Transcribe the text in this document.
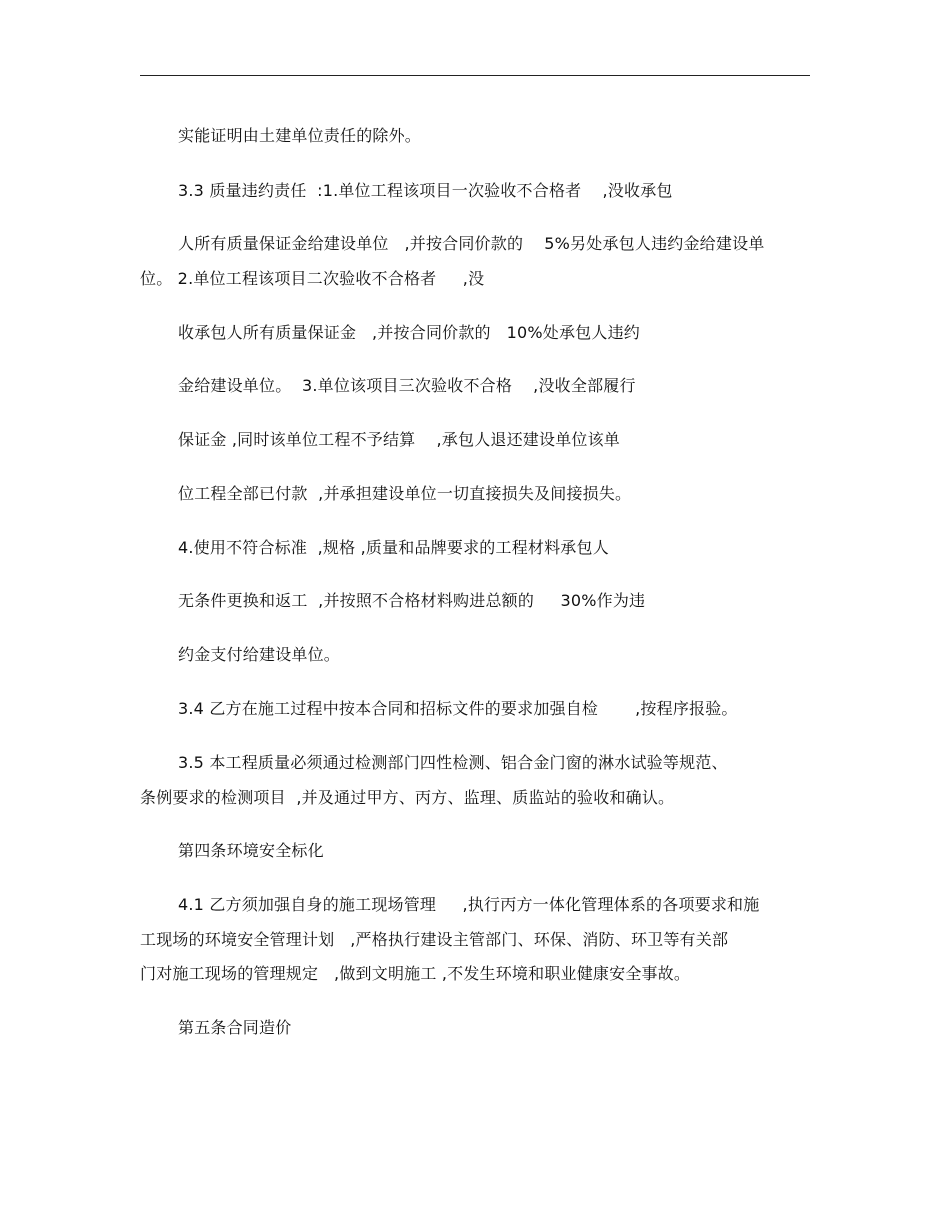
实能证明由土建单位责任的除外。
3.3 质量违约责任  :1.单位工程该项目一次验收不合格者    ,没收承包
人所有质量保证金给建设单位   ,并按合同价款的    5%另处承包人违约金给建设单
位。 2.单位工程该项目二次验收不合格者     ,没
收承包人所有质量保证金   ,并按合同价款的   10%处承包人违约
金给建设单位。  3.单位该项目三次验收不合格    ,没收全部履行
保证金 ,同时该单位工程不予结算    ,承包人退还建设单位该单
位工程全部已付款  ,并承担建设单位一切直接损失及间接损失。
4.使用不符合标准  ,规格 ,质量和品牌要求的工程材料承包人
无条件更换和返工  ,并按照不合格材料购进总额的     30%作为违
约金支付给建设单位。
3.4 乙方在施工过程中按本合同和招标文件的要求加强自检       ,按程序报验。
3.5 本工程质量必须通过检测部门四性检测、铝合金门窗的淋水试验等规范、
条例要求的检测项目  ,并及通过甲方、丙方、监理、质监站的验收和确认。
第四条环境安全标化
4.1 乙方须加强自身的施工现场管理     ,执行丙方一体化管理体系的各项要求和施
工现场的环境安全管理计划   ,严格执行建设主管部门、环保、消防、环卫等有关部
门对施工现场的管理规定   ,做到文明施工 ,不发生环境和职业健康安全事故。
第五条合同造价
